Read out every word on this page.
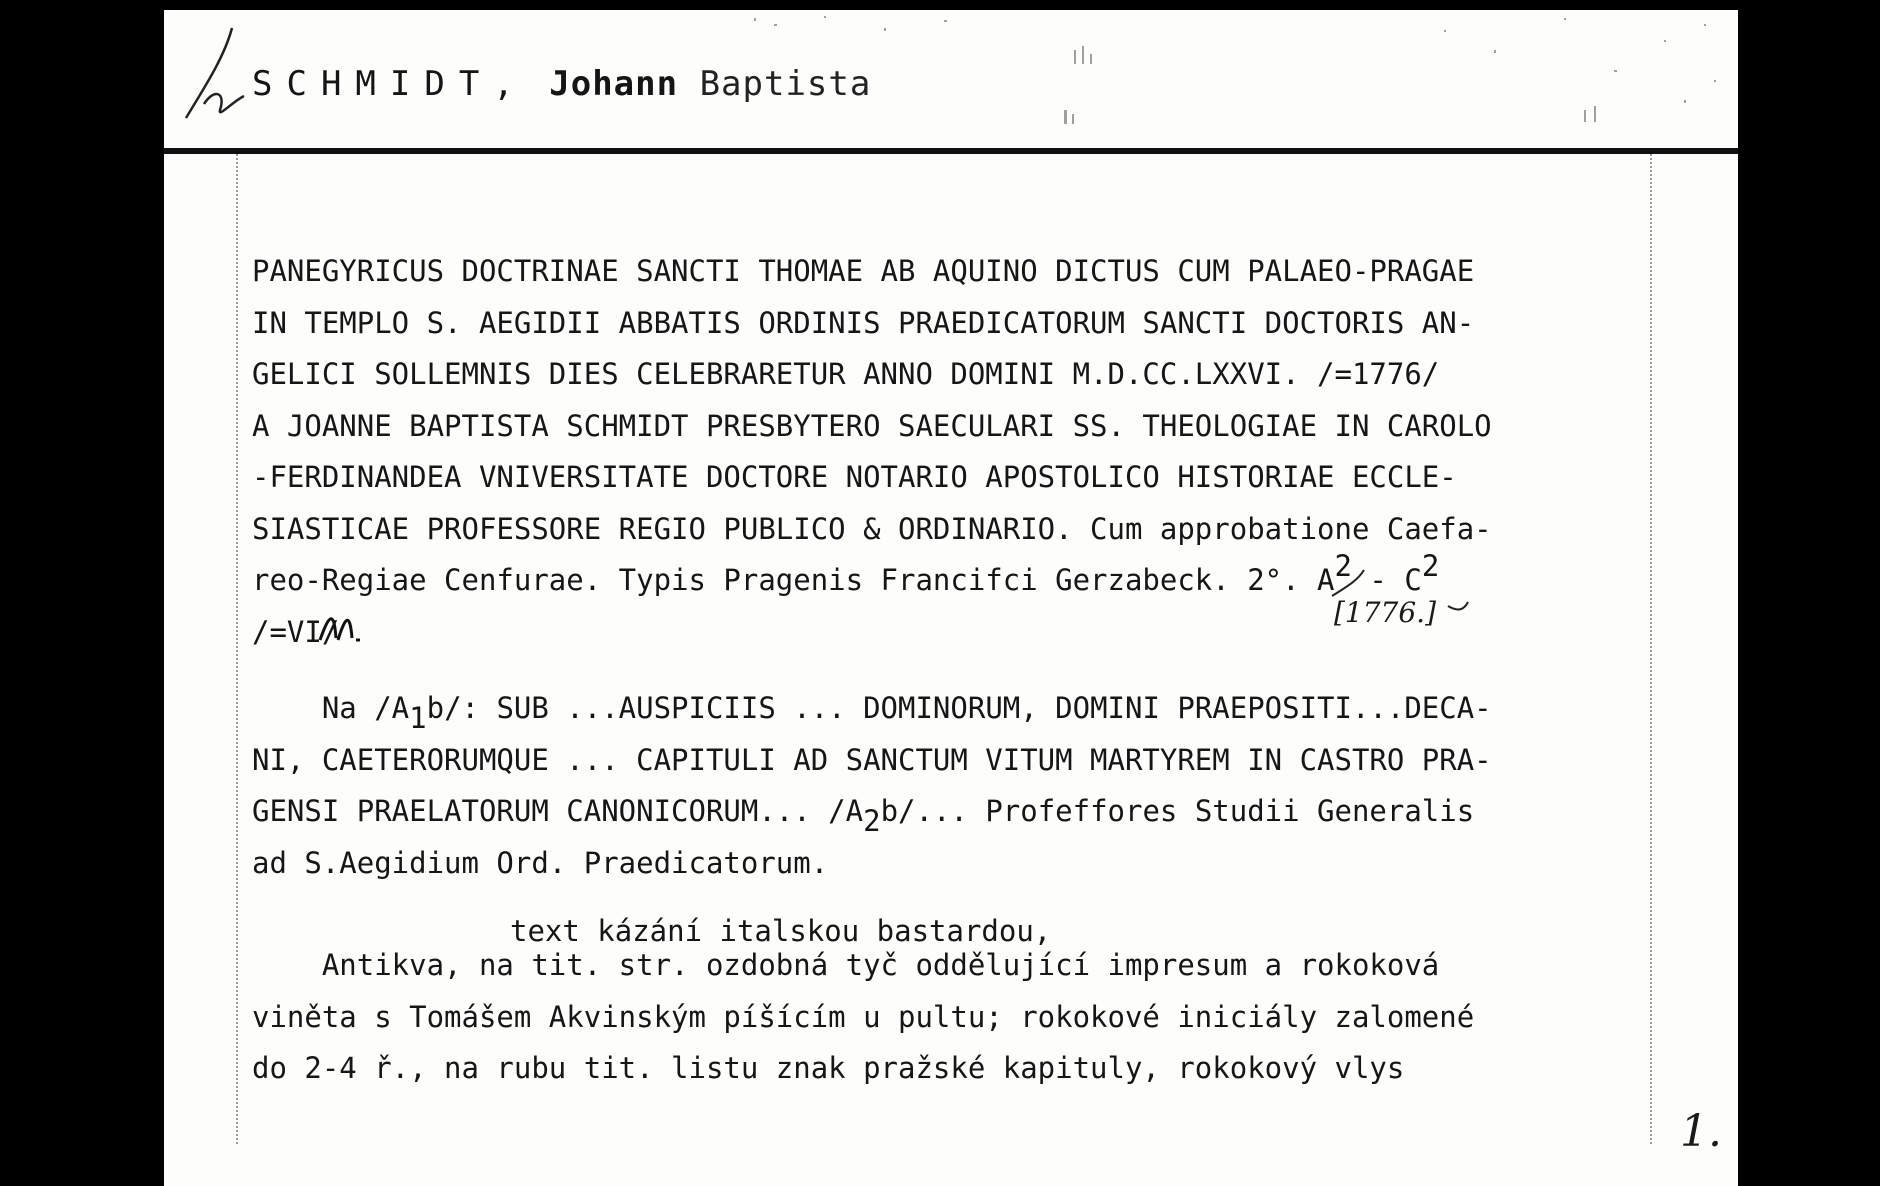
SCHMIDT, Johann Baptista
PANEGYRICUS DOCTRINAE SANCTI THOMAE AB AQUINO DICTUS CUM PALAEO-PRAGAE
IN TEMPLO S. AEGIDII ABBATIS ORDINIS PRAEDICATORUM SANCTI DOCTORIS AN-
GELICI SOLLEMNIS DIES CELEBRARETUR ANNO DOMINI M.D.CC.LXXVI. /=1776/
A JOANNE BAPTISTA SCHMIDT PRESBYTERO SAECULARI SS. THEOLOGIAE IN CAROLO
-FERDINANDEA VNIVERSITATE DOCTORE NOTARIO APOSTOLICO HISTORIAE ECCLE-
SIASTICAE PROFESSORE REGIO PUBLICO & ORDINARIO. Cum approbatione Caefa-
reo-Regiae Cenfurae. Typis Pragenis Francifci Gerzabeck. 2°. A2 - C2
/=VI/
[1776.]
Na /A1b/: SUB ...AUSPICIIS ... DOMINORUM, DOMINI PRAEPOSITI...DECA-
NI, CAETERORUMQUE ... CAPITULI AD SANCTUM VITUM MARTYREM IN CASTRO PRA-
GENSI PRAELATORUM CANONICORUM... /A2b/... Profeffores Studii Generalis
ad S.Aegidium Ord. Praedicatorum.
text kázání italskou bastardou,
Antikva, na tit. str. ozdobná tyč oddělující impresum a rokoková
viněta s Tomášem Akvinským píšícím u pultu; rokokové iniciály zalomené
do 2-4 ř., na rubu tit. listu znak pražské kapituly, rokokový vlys
1.
